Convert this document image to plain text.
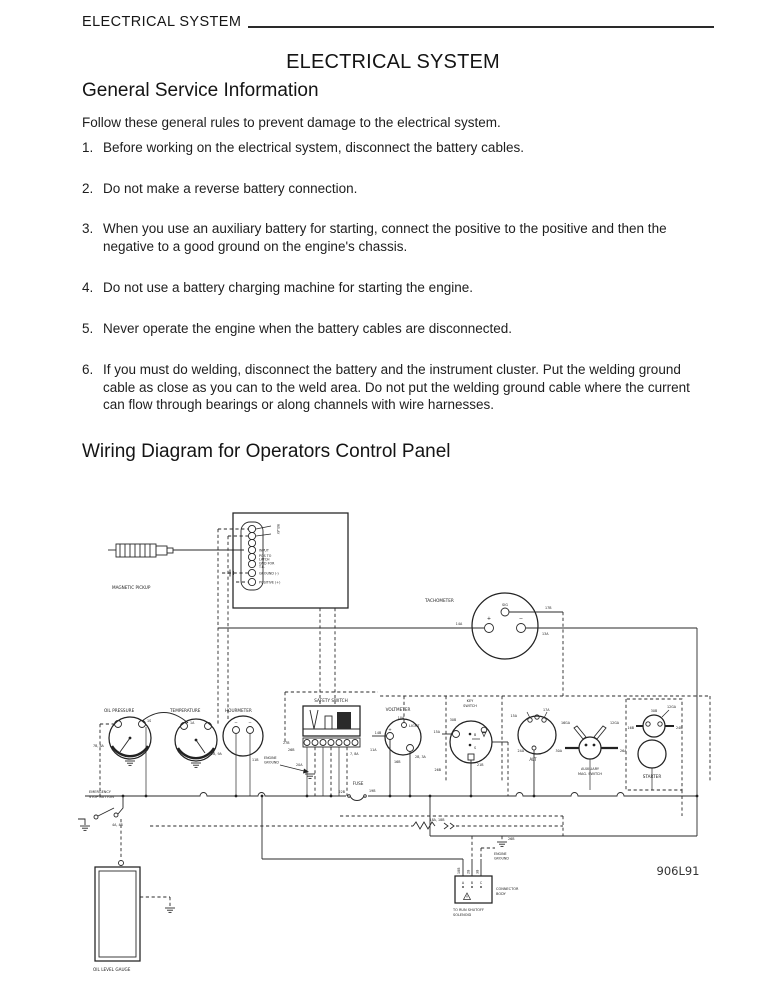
ELECTRICAL SYSTEM
ELECTRICAL SYSTEM
General Service Information

Follow these general rules to prevent damage to the electrical system.

1. Before working on the electrical system, disconnect the battery cables.
2. Do not make a reverse battery connection.
3. When you use an auxiliary battery for starting, connect the positive to the positive and then the negative to a good ground on the engine's chassis.
4. Do not use a battery charging machine for starting the engine.
5. Never operate the engine when the battery cables are disconnected.
6. If you must do welding, disconnect the battery and the instrument cluster. Put the welding ground cable as close as you can to the weld area. Do not put the welding ground cable where the current can flow through bearings or along channels with wire harnesses.
Wiring Diagram for Operators Control Panel
MAGNETIC PICKUP
RELAY
INPUT
POS TO
LATCH
GND FOR
T.B.
GROUND (-)
POSITIVE (+)
SIG
+	−
TACHOMETER
14A
13A
17B
OIL PRESSURE
7B, 8A
1S
TEMPERATURE
1A
2B, 9A
− −
HOURMETER
11B ENGINE
GROUND
20A
SAFETY SWITCH
27B
26B
7, 8A
FUSE
22B	19B
VOLTMETER
10A
LIGHT
+
14B
11A
16B
2B, 3A
KEY
SWITCH
30B
15A
B
S
21B
26B
ALT
17A
15A
24A
16GA	12GA
30A	26A
AUXILIARY
MAG. SWITCH
30B
16B	24B
12GA
STARTER
18A, 18B
EMERGENCY
STOP BUTTON
4A, 4B
OIL LEVEL GAUGE
18B 2B 3B
A B C
CONNECTOR
BODY
TO RUN SHUTOFF
SOLENOID
26B
ENGINE
GROUND
906L91
